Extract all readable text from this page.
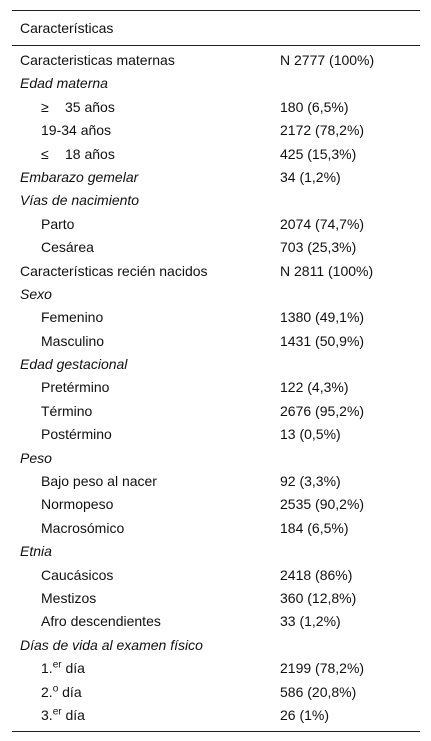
Características
Caracteristicas maternas	N 2777 (100%)
Edad materna
≥ 35 años	180 (6,5%)
19-34 años	2172 (78,2%)
≤ 18 años	425 (15,3%)
Embarazo gemelar	34 (1,2%)
Vías de nacimiento
Parto	2074 (74,7%)
Cesárea	703 (25,3%)
Características recién nacidos	N 2811 (100%)
Sexo
Femenino	1380 (49,1%)
Masculino	1431 (50,9%)
Edad gestacional
Pretérmino	122 (4,3%)
Término	2676 (95,2%)
Postérmino	13 (0,5%)
Peso
Bajo peso al nacer	92 (3,3%)
Normopeso	2535 (90,2%)
Macrosómico	184 (6,5%)
Etnia
Caucásicos	2418 (86%)
Mestizos	360 (12,8%)
Afro descendientes	33 (1,2%)
Días de vida al examen físico
1.$^{er}$ día	2199 (78,2%)
2.$^o$ día	586 (20,8%)
3.$^{er}$ día	26 (1%)
